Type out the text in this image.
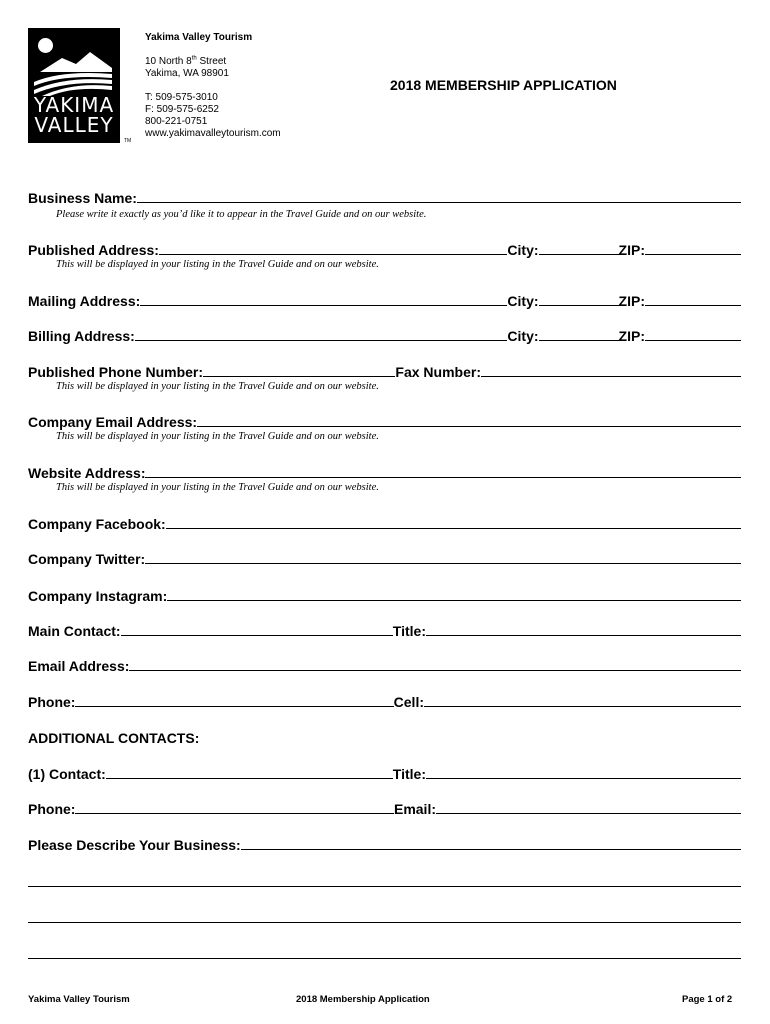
YAKIMA
VALLEY
TM
Yakima Valley Tourism
10 North 8th Street
Yakima, WA 98901
T: 509-575-3010
F: 509-575-6252
800-221-0751
www.yakimavalleytourism.com
2018 MEMBERSHIP APPLICATION
Business Name:
Please write it exactly as you’d like it to appear in the Travel Guide and on our website.
Published Address:	City:	ZIP:
This will be displayed in your listing in the Travel Guide and on our website.
Mailing Address:	City:	ZIP:
Billing Address:	City:	ZIP:
Published Phone Number:	Fax Number:
This will be displayed in your listing in the Travel Guide and on our website.
Company Email Address:
This will be displayed in your listing in the Travel Guide and on our website.
Website Address:
This will be displayed in your listing in the Travel Guide and on our website.
Company Facebook:
Company Twitter:
Company Instagram:
Main Contact:	Title:
Email Address:
Phone:	Cell:
ADDITIONAL CONTACTS:
(1) Contact:	Title:
Phone:	Email:
Please Describe Your Business:
Yakima Valley Tourism	2018 Membership Application	Page 1 of 2
